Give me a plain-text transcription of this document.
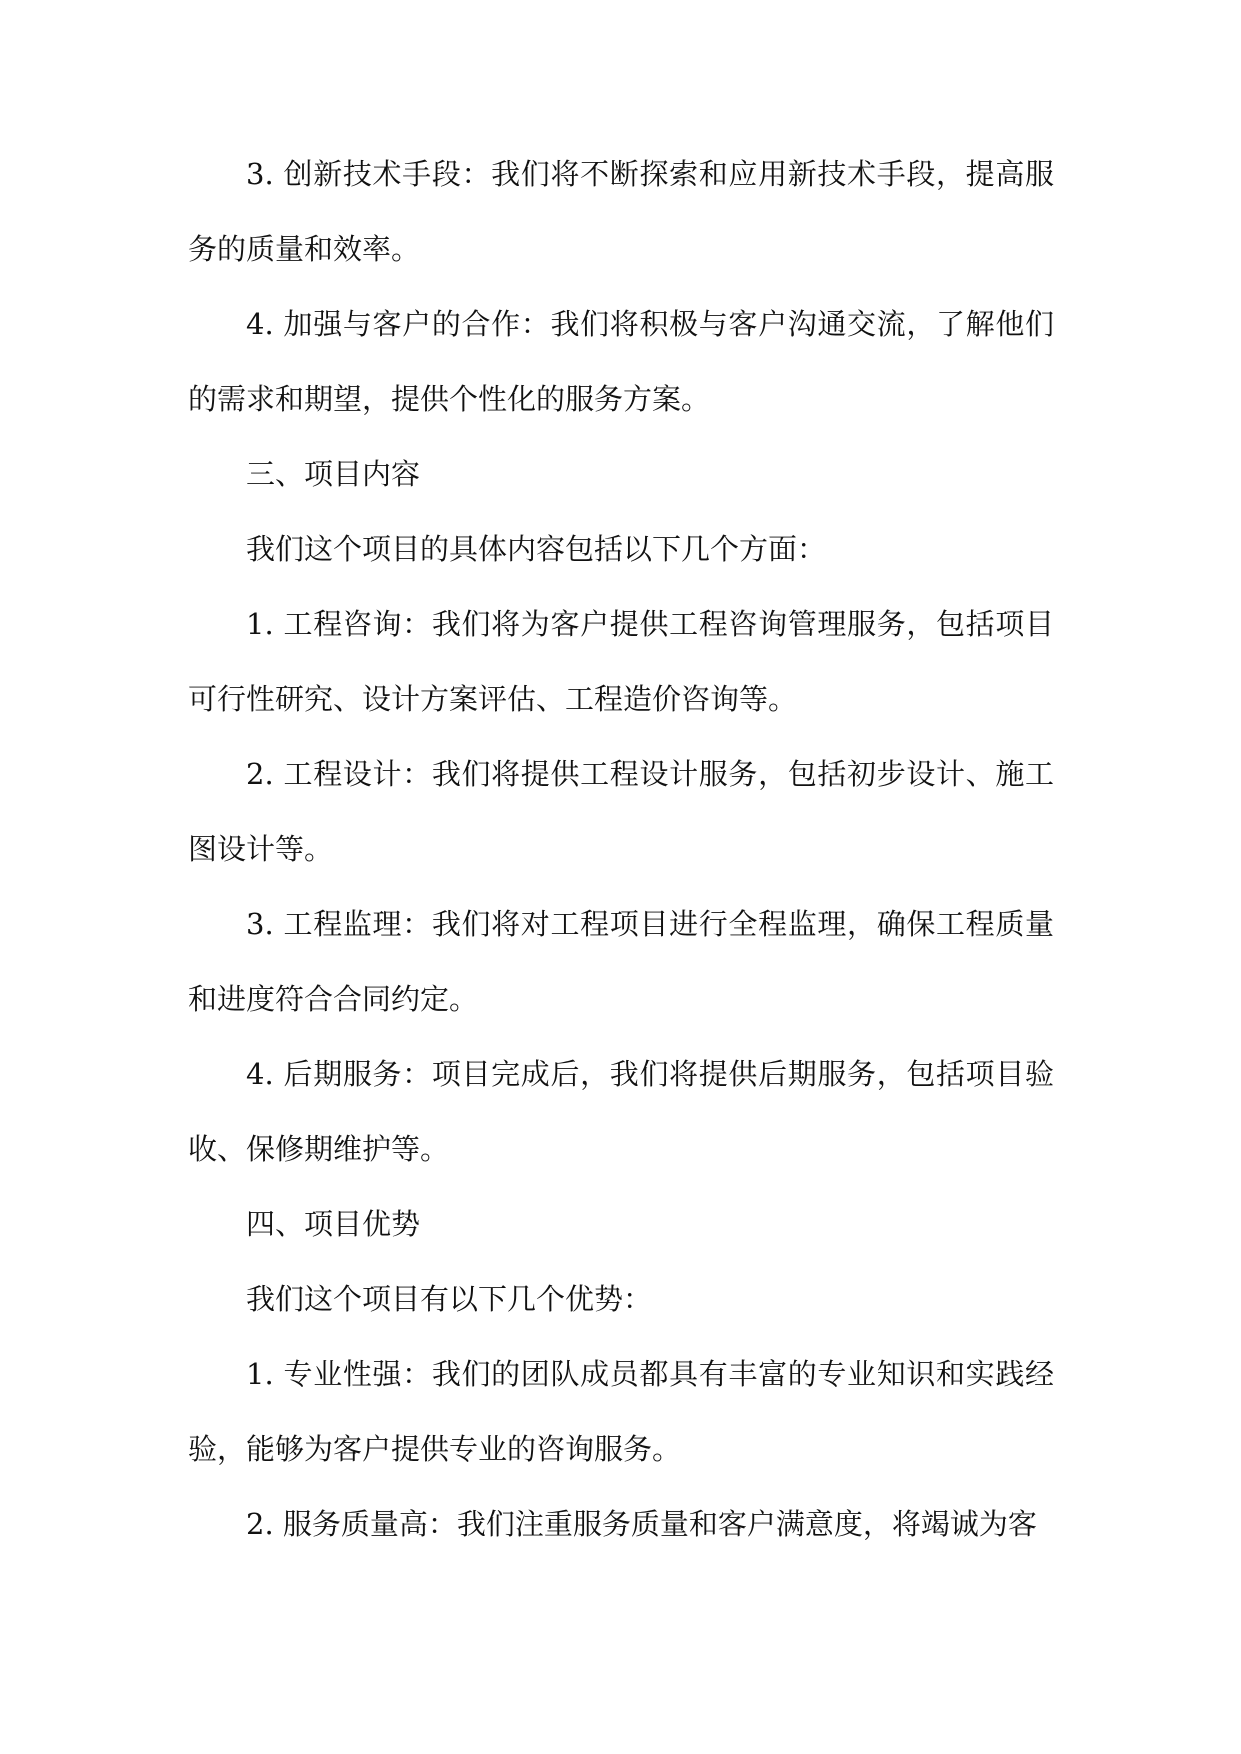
3. 创新技术手段：我们将不断探索和应用新技术手段，提高服务的质量和效率。

4. 加强与客户的合作：我们将积极与客户沟通交流，了解他们的需求和期望，提供个性化的服务方案。

三、项目内容

我们这个项目的具体内容包括以下几个方面：

1. 工程咨询：我们将为客户提供工程咨询管理服务，包括项目可行性研究、设计方案评估、工程造价咨询等。

2. 工程设计：我们将提供工程设计服务，包括初步设计、施工图设计等。

3. 工程监理：我们将对工程项目进行全程监理，确保工程质量和进度符合合同约定。

4. 后期服务：项目完成后，我们将提供后期服务，包括项目验收、保修期维护等。

四、项目优势

我们这个项目有以下几个优势：

1. 专业性强：我们的团队成员都具有丰富的专业知识和实践经验，能够为客户提供专业的咨询服务。

2. 服务质量高：我们注重服务质量和客户满意度，将竭诚为客
